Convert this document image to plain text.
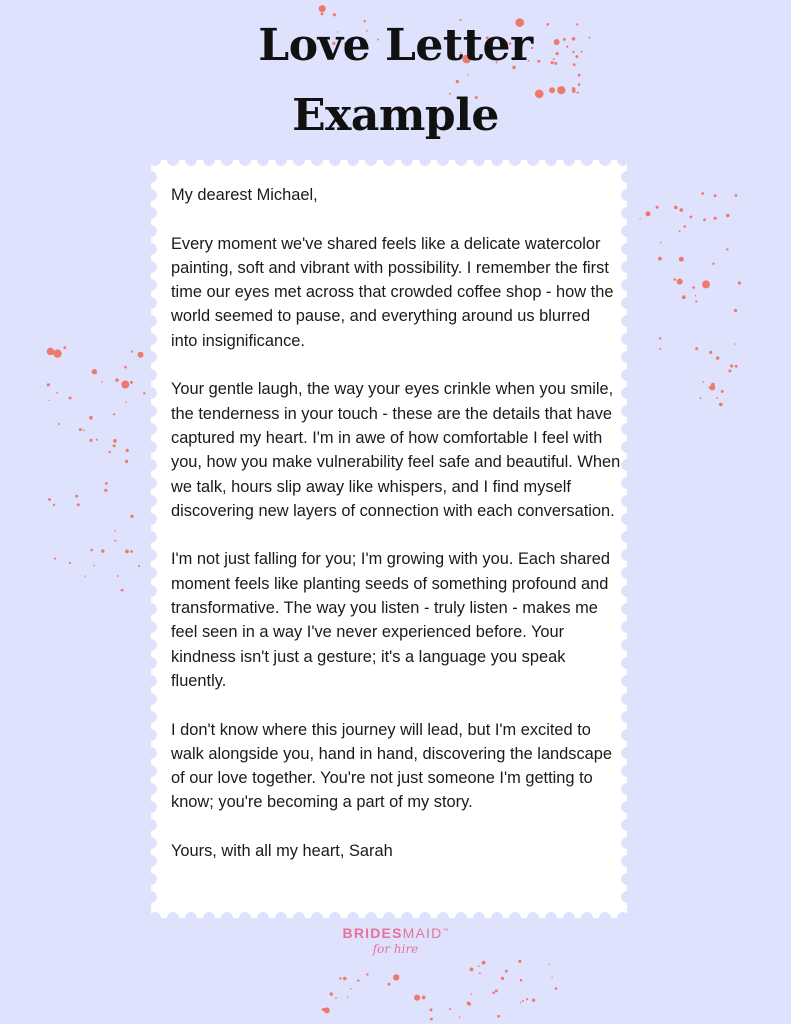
Love Letter
Example

My dearest Michael,

Every moment we've shared feels like a delicate watercolor painting, soft and vibrant with possibility. I remember the first time our eyes met across that crowded coffee shop - how the world seemed to pause, and everything around us blurred into insignificance.

Your gentle laugh, the way your eyes crinkle when you smile, the tenderness in your touch - these are the details that have captured my heart. I'm in awe of how comfortable I feel with you, how you make vulnerability feel safe and beautiful. When we talk, hours slip away like whispers, and I find myself discovering new layers of connection with each conversation.

I'm not just falling for you; I'm growing with you. Each shared moment feels like planting seeds of something profound and transformative. The way you listen - truly listen - makes me feel seen in a way I've never experienced before. Your kindness isn't just a gesture; it's a language you speak fluently.

I don't know where this journey will lead, but I'm excited to walk alongside you, hand in hand, discovering the landscape of our love together. You're not just someone I'm getting to know; you're becoming a part of my story.

Yours, with all my heart, Sarah

BRIDESMAID™
for hire
